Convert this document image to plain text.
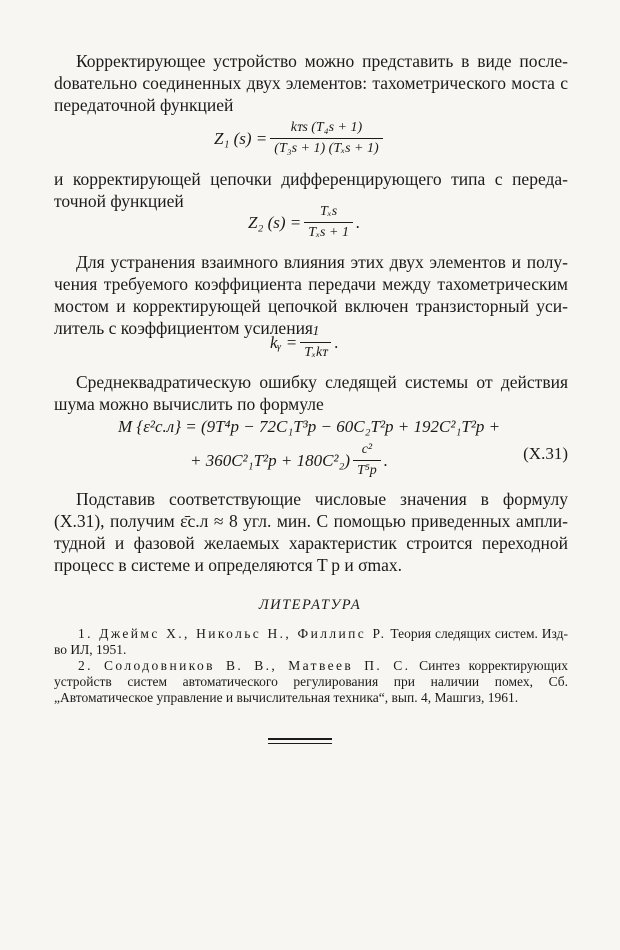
Корректирующее устройство можно представить в виде послеdовательно соединенных двух элементов: тахометрического моста с передаточной функцией

Z₁ $(s) = \frac{\text{kᴛs (T₄s + 1)}}{\text{(T₃s + 1) (Tₓs + 1)}}$

и корректирующей цепочки дифференцирующего типа с передаточной функцией

Z₂ $(s) = \frac{\text{Tₓs}}{\text{Tₓs + 1}}$ .

Для устранения взаимного влияния этих двух элементов и получения требуемого коэффициента передачи между тахометрическим мостом и корректирующей цепочкой включен транзисторный усилитель с коэффициентом усиления

kᵧ = $\frac{1}{\text{Tₓkᴛ}}$ .

Среднеквадратическую ошибку следящей системы от действия шума можно вычислить по формуле

M {ε²с.л} = (9T⁴p − 72C₁T³p − 60C₂T²p + 192C²₁T²p +
+ $360C^2_1T^2p + 180C^2_2) \frac{\text{c²}}{\text{T⁵p}}$ .	(X.31)

Подставив соответствующие числовые значения в формулу (X.31), получим ε̄с.л ≈ 8 угл. мин. С помощью приведенных амплитудной и фазовой желаемых характеристик строится переходной процесс в системе и определяются T p и σmax.

ЛИТЕРАТУРА

1. Джеймс Х., Никольс Н., Филлипс Р. Теория следящих систем. Изд-во ИЛ, 1951.

2. Солодовников В. В., Матвеев П. С. Синтез корректирующих устройств систем автоматического регулирования при наличии помех, Сб. „Автоматическое управление и вычислительная техника“, вып. 4, Машгиз, 1961.
